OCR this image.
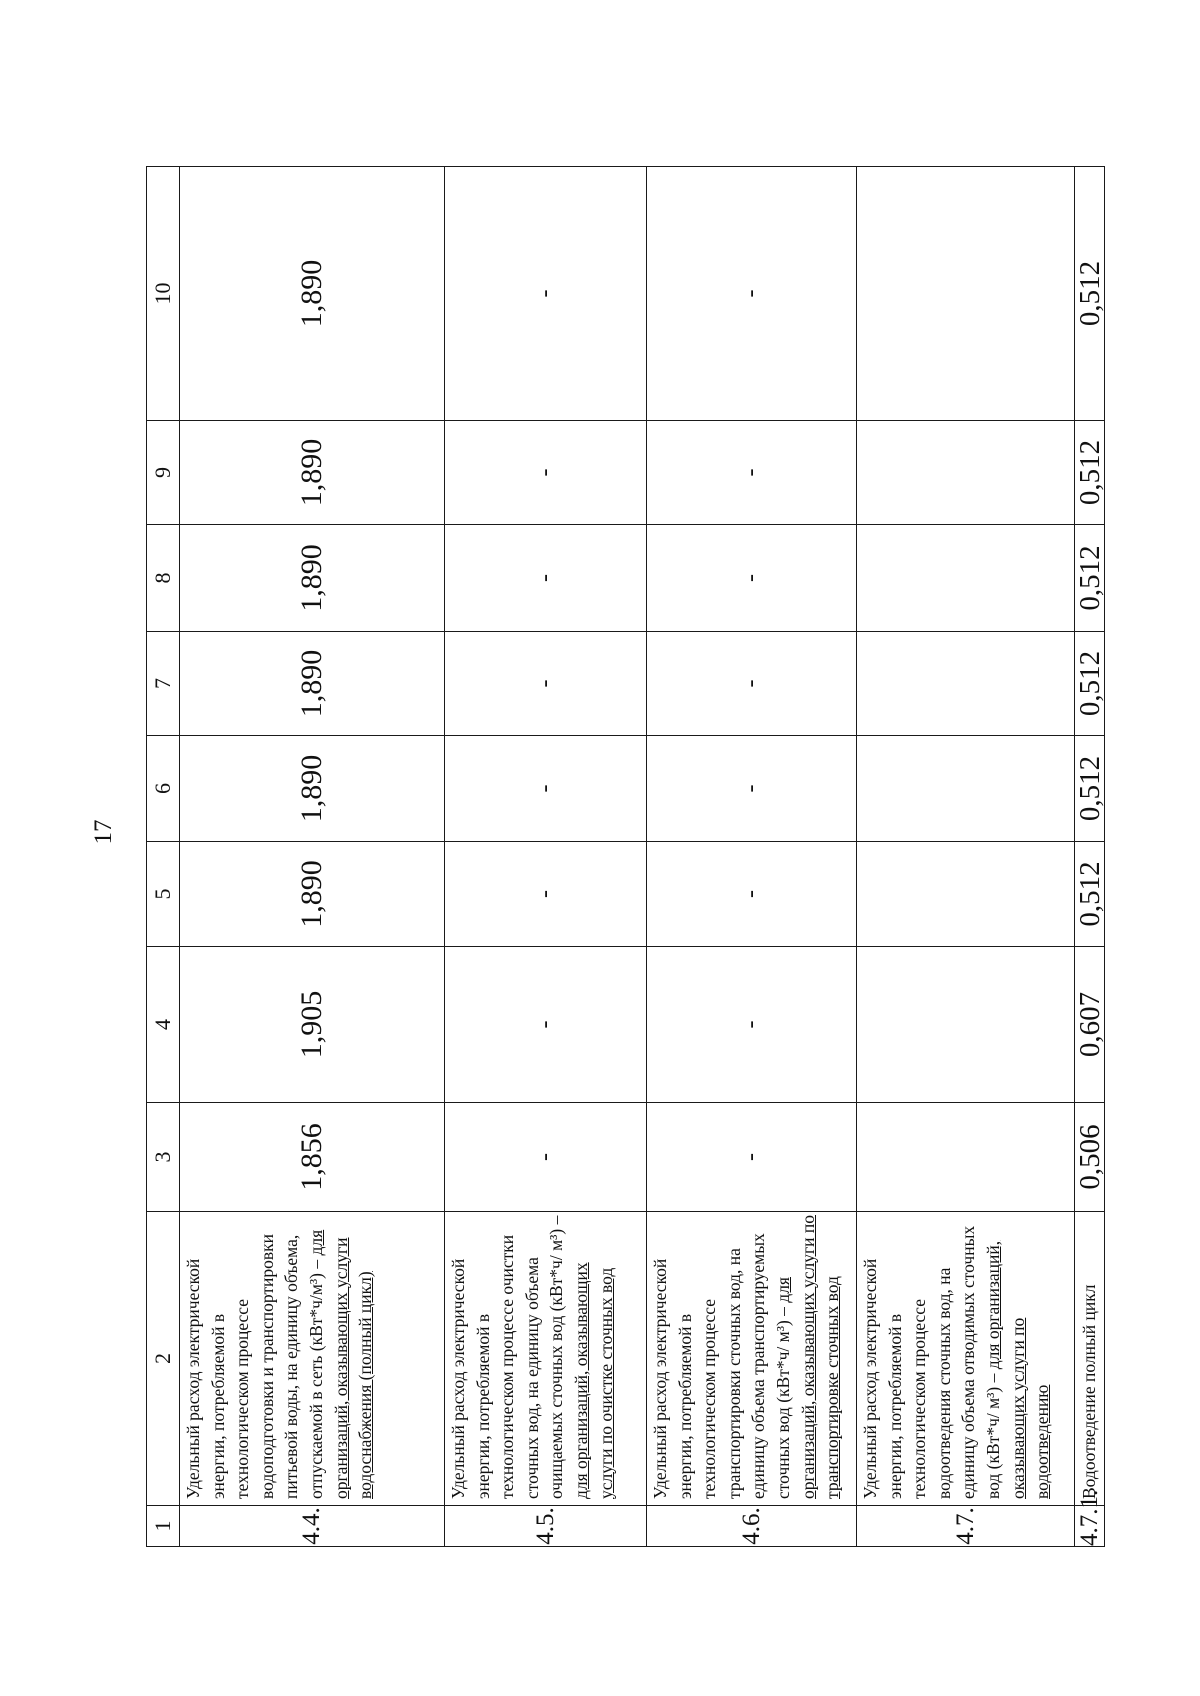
17
1	2	3	4	5	6	7	8	9	10
4.4.	Удельный расход электрической энергии, потребляемой в технологическом процессе водоподготовки и транспортировки питьевой воды, на единицу объема, отпускаемой в сеть (кВт*ч/м³) – для организаций, оказывающих услуги водоснабжения (полный цикл)	1,856	1,905	1,890	1,890	1,890	1,890	1,890	1,890
4.5.	Удельный расход электрической энергии, потребляемой в технологическом процессе очистки сточных вод, на единицу объема очищаемых сточных вод (кВт*ч/ м³) – для организаций, оказывающих услуги по очистке сточных вод	-	-	-	-	-	-	-	-
4.6.	Удельный расход электрической энергии, потребляемой в технологическом процессе транспортировки сточных вод, на единицу объема транспортируемых сточных вод (кВт*ч/ м³) – для организаций, оказывающих услуги по транспортировке сточных вод	-	-	-	-	-	-	-	-
4.7.	Удельный расход электрической энергии, потребляемой в технологическом процессе водоотведения сточных вод, на единицу объема отводимых сточных вод (кВт*ч/ м³) – для организаций, оказывающих услуги по водоотведению								
4.7.1.	Водоотведение полный цикл	0,506	0,607	0,512	0,512	0,512	0,512	0,512	0,512
